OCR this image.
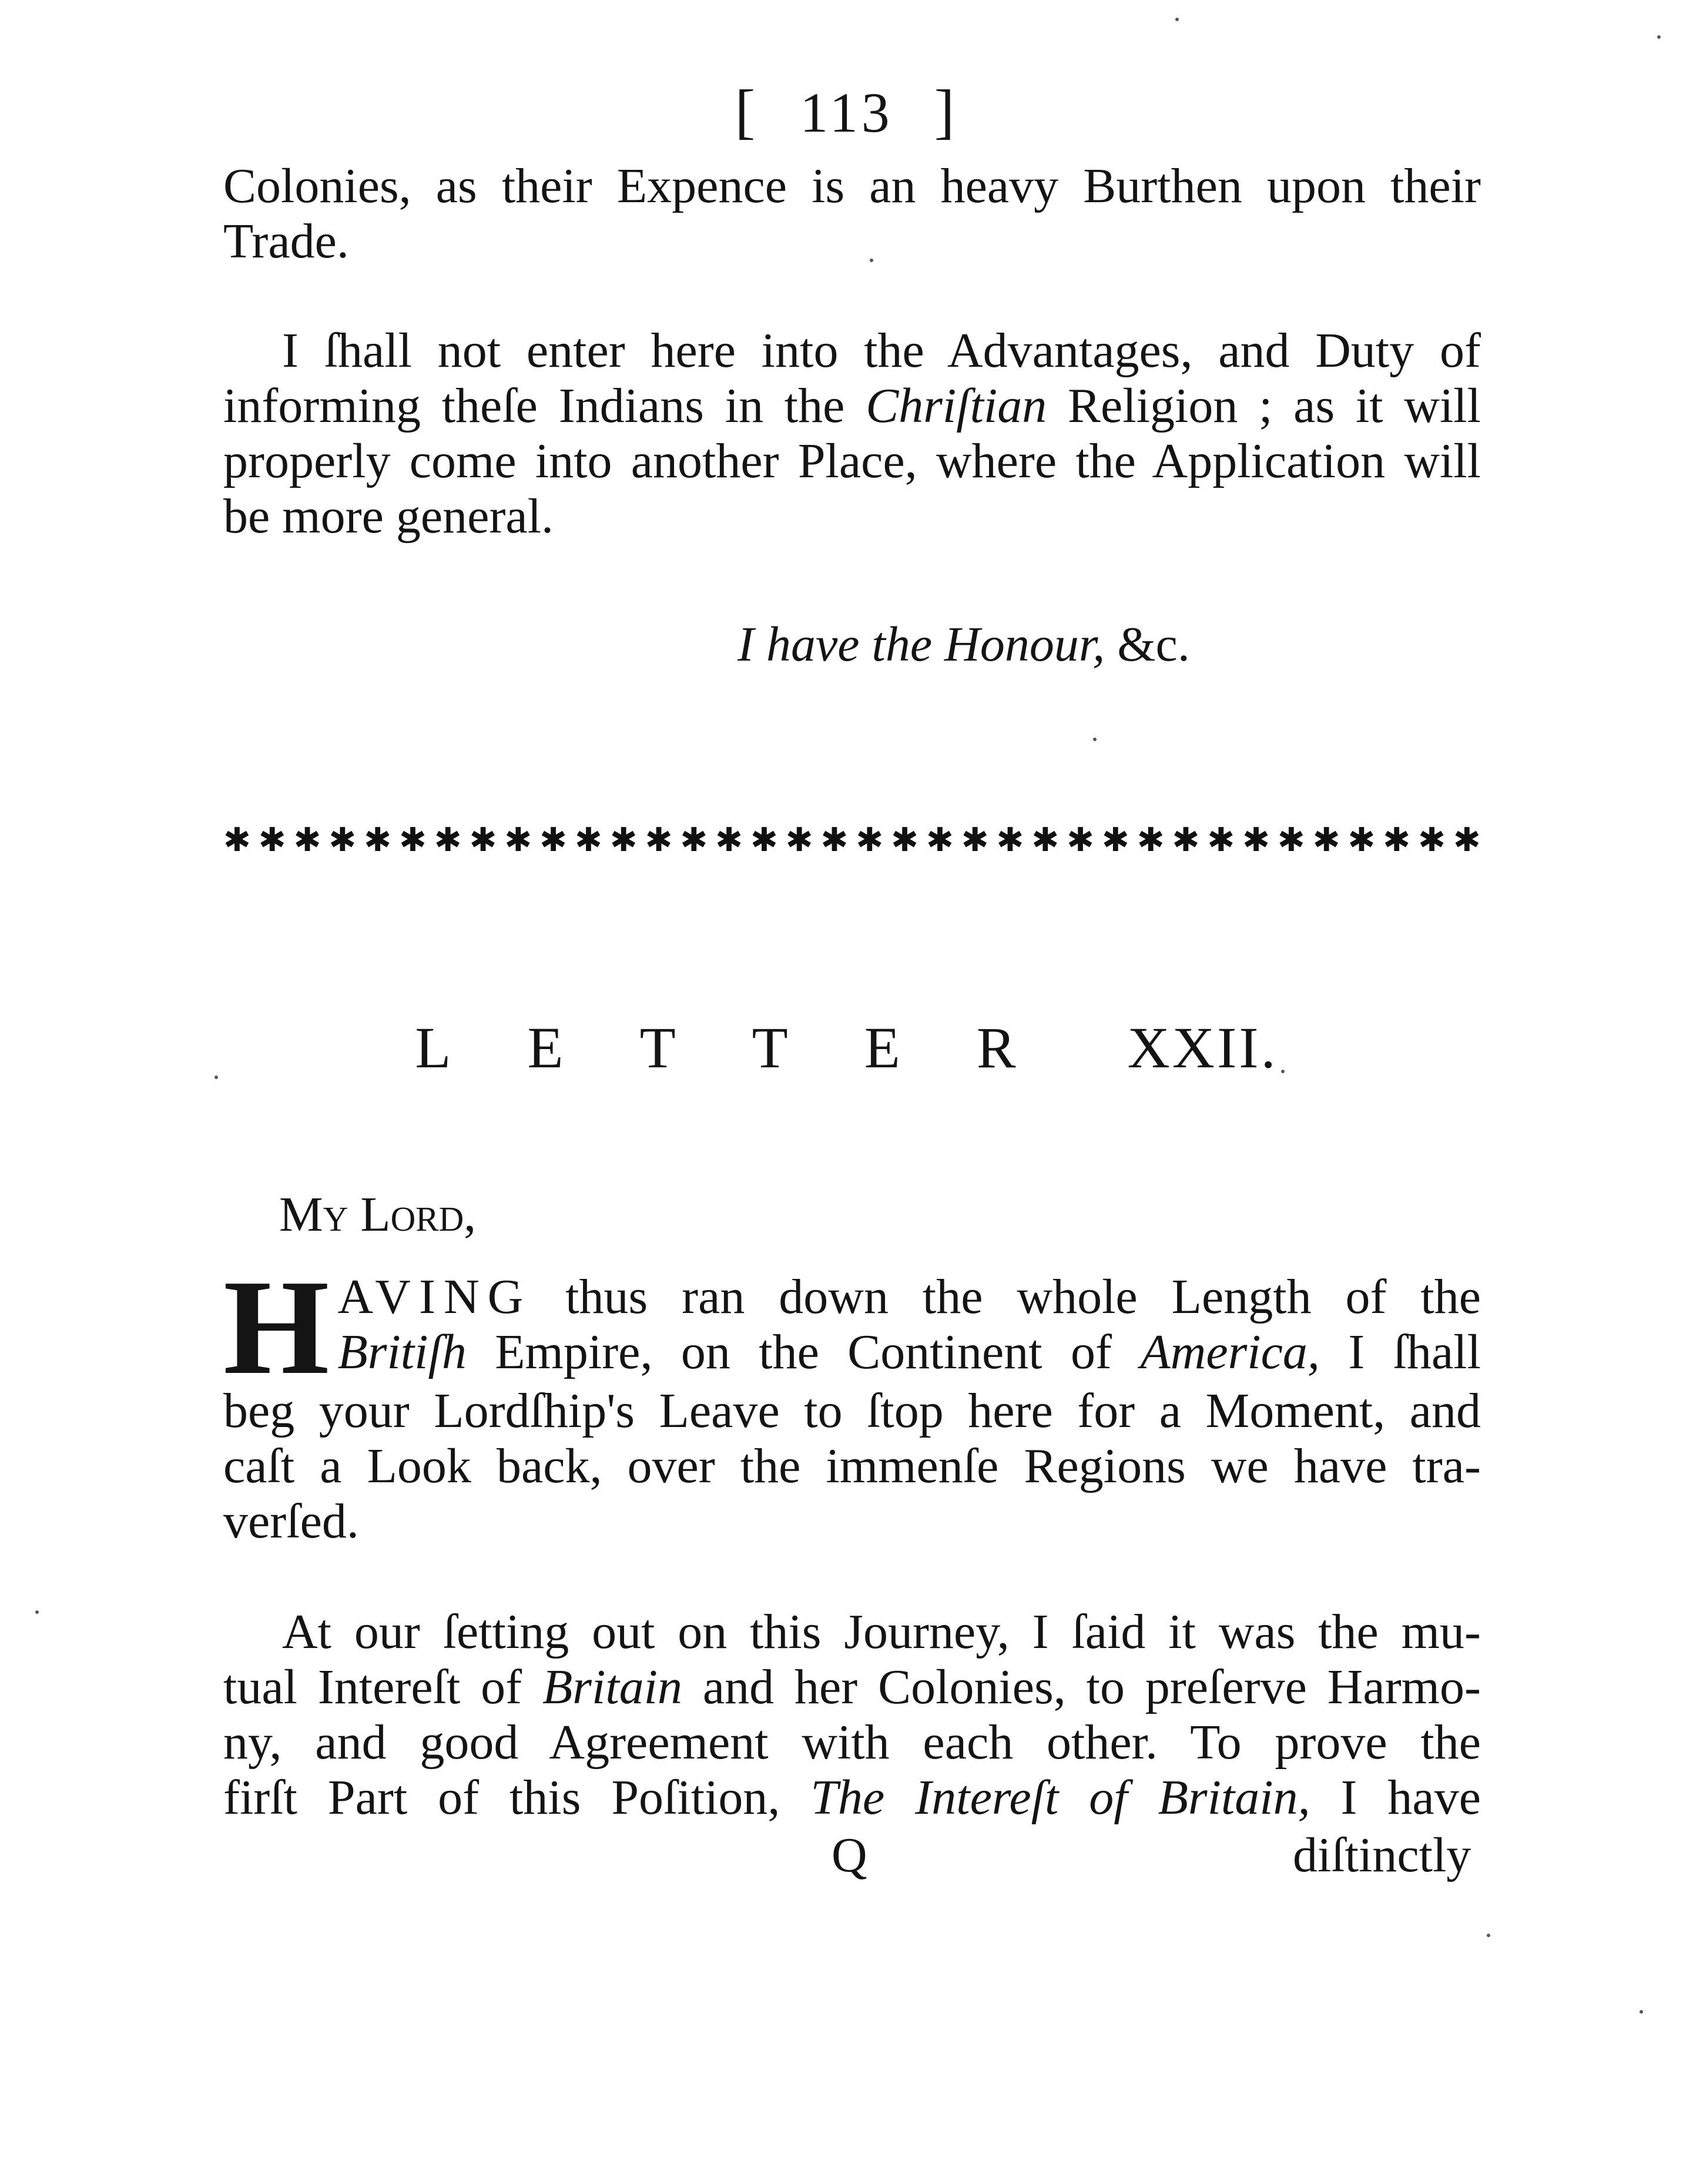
[ 113 ]
Colonies, as their Expence is an heavy Burthen upon their
Trade.
I ſhall not enter here into the Advantages, and Duty of
informing theſe Indians in the Chriſtian Religion ; as it will
properly come into another Place, where the Application will
be more general.
I have the Honour, &c.
✱ ✱ ✱ ✱ ✱ ✱ ✱ ✱ ✱ ✱ ✱ ✱ ✱ ✱ ✱ ✱ ✱ ✱ ✱ ✱ ✱ ✱ ✱ ✱ ✱ ✱ ✱ ✱ ✱ ✱ ✱ ✱ ✱ ✱ ✱ ✱
LETTER XXII.
My Lord,
H AVING thus ran down the whole Length of the
Britiſh Empire, on the Continent of America, I ſhall
beg your Lordſhip's Leave to ſtop here for a Moment, and
caſt a Look back, over the immenſe Regions we have tra-
verſed.
At our ſetting out on this Journey, I ſaid it was the mu-
tual Intereſt of Britain and her Colonies, to preſerve Harmo-
ny, and good Agreement with each other. To prove the
firſt Part of this Poſition, The Intereſt of Britain, I have
Q	diſtinctly
